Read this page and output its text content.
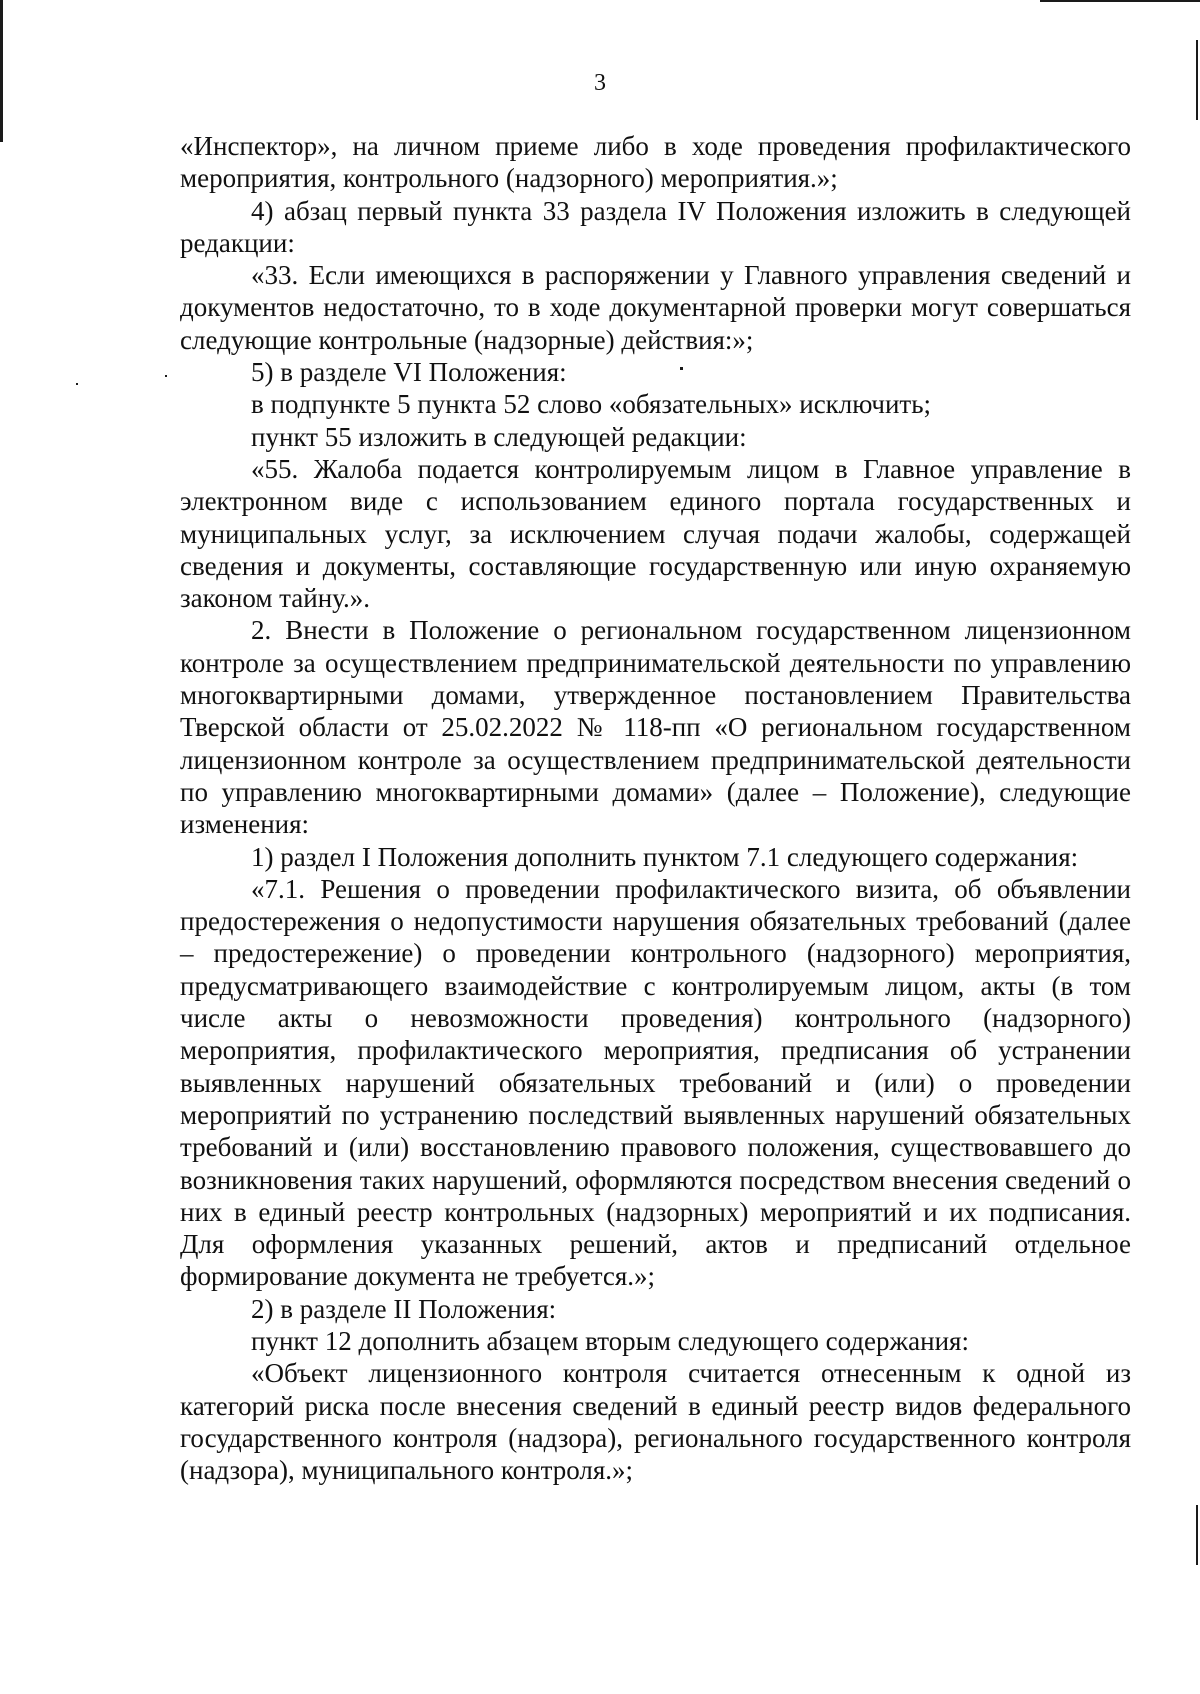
3

«Инспектор», на личном приеме либо в ходе проведения профилактического мероприятия, контрольного (надзорного) мероприятия.»;

4) абзац первый пункта 33 раздела IV Положения изложить в следующей редакции:

«33. Если имеющихся в распоряжении у Главного управления сведений и документов недостаточно, то в ходе документарной проверки могут совершаться следующие контрольные (надзорные) действия:»;

5) в разделе VI Положения:

в подпункте 5 пункта 52 слово «обязательных» исключить;

пункт 55 изложить в следующей редакции:

«55. Жалоба подается контролируемым лицом в Главное управление в электронном виде с использованием единого портала государственных и муниципальных услуг, за исключением случая подачи жалобы, содержащей сведения и документы, составляющие государственную или иную охраняемую законом тайну.».

2. Внести в Положение о региональном государственном лицензионном контроле за осуществлением предпринимательской деятельности по управлению многоквартирными домами, утвержденное постановлением Правительства Тверской области от 25.02.2022 № 118-пп «О региональном государственном лицензионном контроле за осуществлением предпринимательской деятельности по управлению многоквартирными домами» (далее – Положение), следующие изменения:

1) раздел I Положения дополнить пунктом 7.1 следующего содержания:

«7.1. Решения о проведении профилактического визита, об объявлении предостережения о недопустимости нарушения обязательных требований (далее – предостережение) о проведении контрольного (надзорного) мероприятия, предусматривающего взаимодействие с контролируемым лицом, акты (в том числе акты о невозможности проведения) контрольного (надзорного) мероприятия, профилактического мероприятия, предписания об устранении выявленных нарушений обязательных требований и (или) о проведении мероприятий по устранению последствий выявленных нарушений обязательных требований и (или) восстановлению правового положения, существовавшего до возникновения таких нарушений, оформляются посредством внесения сведений о них в единый реестр контрольных (надзорных) мероприятий и их подписания. Для оформления указанных решений, актов и предписаний отдельное формирование документа не требуется.»;

2) в разделе II Положения:

пункт 12 дополнить абзацем вторым следующего содержания:

«Объект лицензионного контроля считается отнесенным к одной из категорий риска после внесения сведений в единый реестр видов федерального государственного контроля (надзора), регионального государственного контроля (надзора), муниципального контроля.»;
